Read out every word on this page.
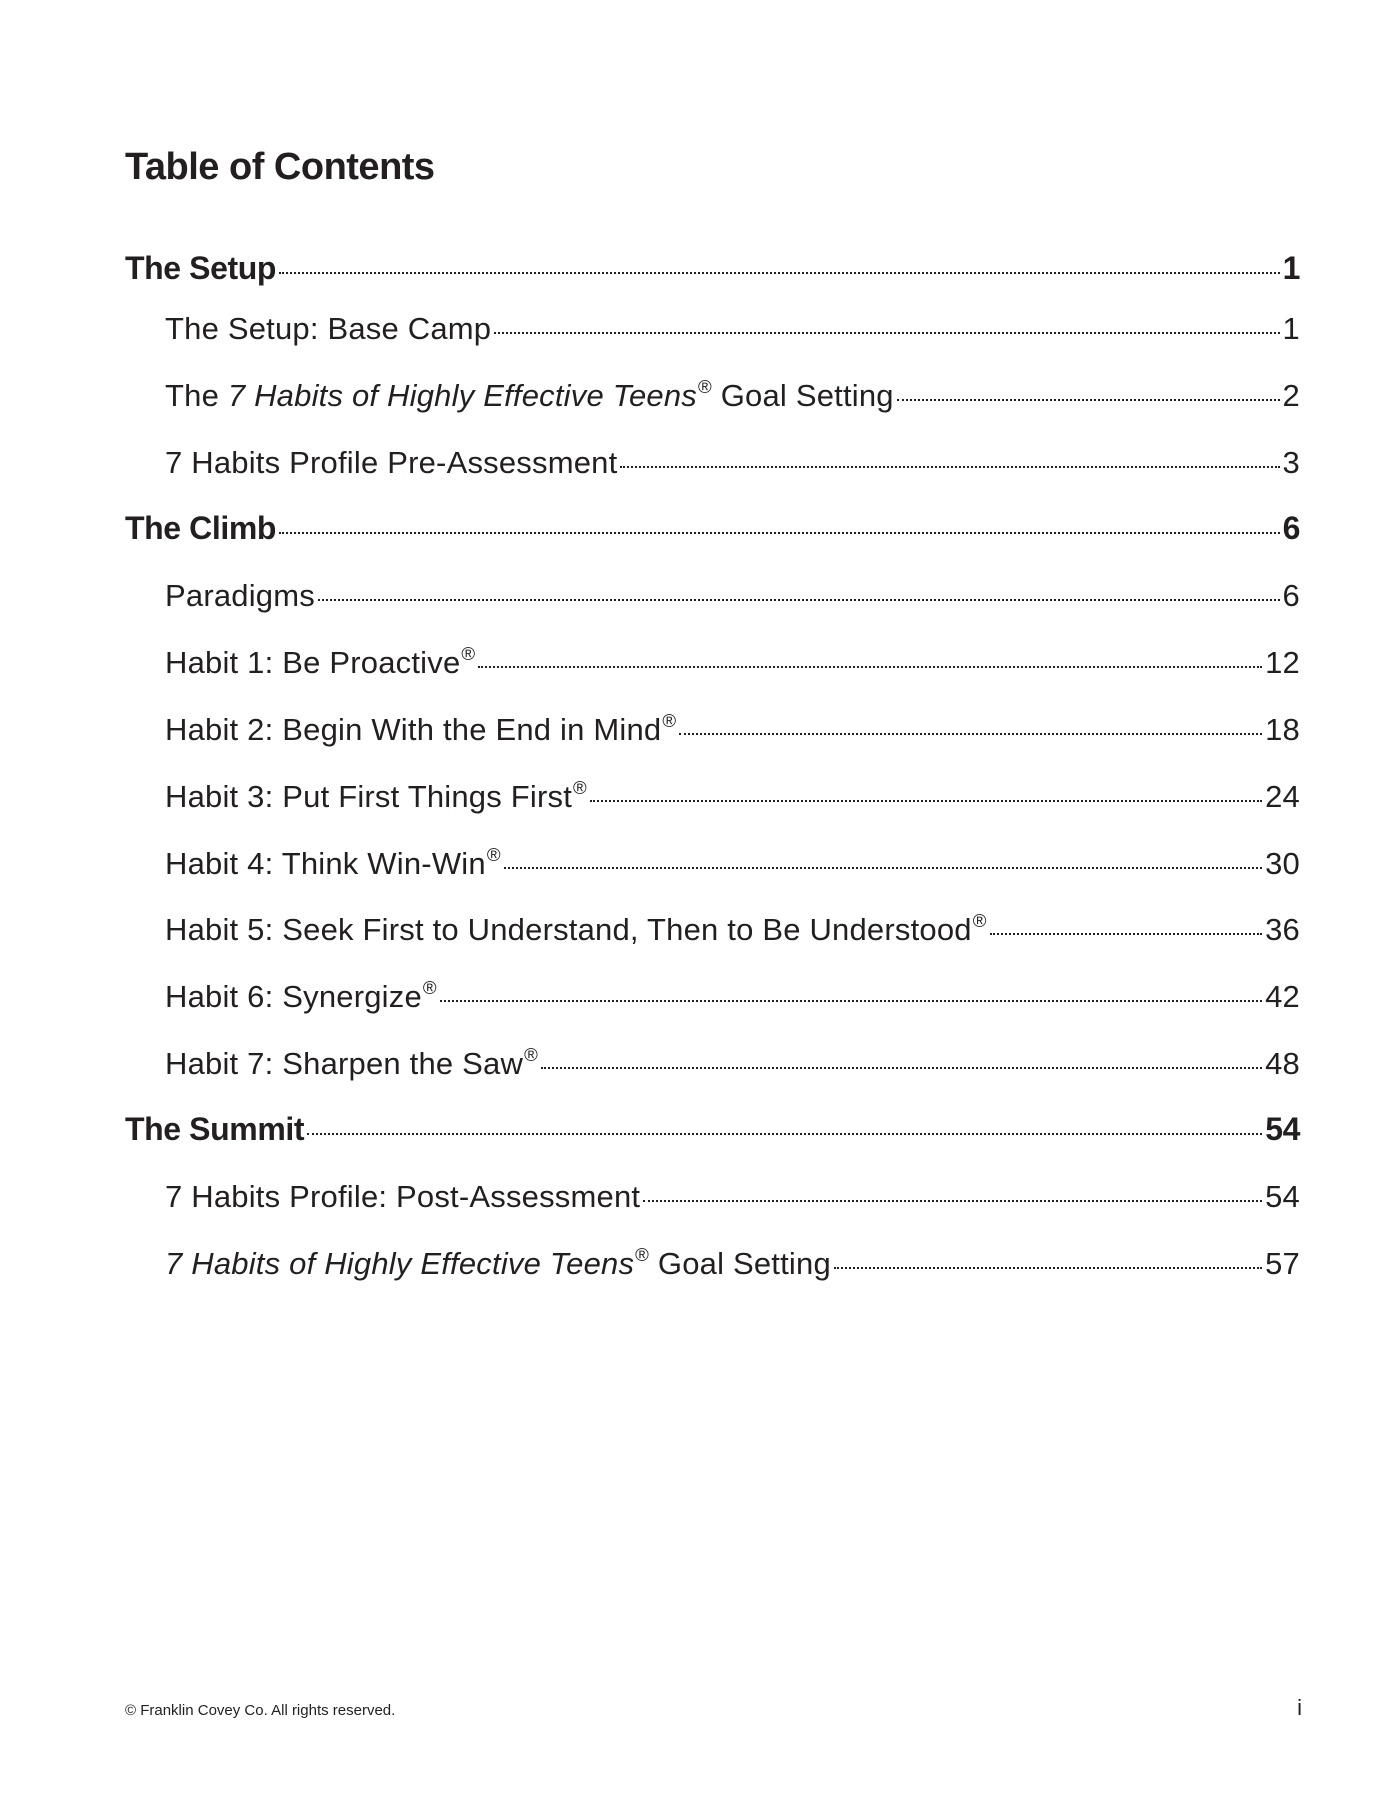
Table of Contents
The Setup	1
The Setup: Base Camp	1
The 7 Habits of Highly Effective Teens® Goal Setting	2
7 Habits Profile Pre-Assessment	3
The Climb	6
Paradigms	6
Habit 1: Be Proactive®	12
Habit 2: Begin With the End in Mind®	18
Habit 3: Put First Things First®	24
Habit 4: Think Win-Win®	30
Habit 5: Seek First to Understand, Then to Be Understood®	36
Habit 6: Synergize®	42
Habit 7: Sharpen the Saw®	48
The Summit	54
7 Habits Profile: Post-Assessment	54
7 Habits of Highly Effective Teens® Goal Setting	57
© Franklin Covey Co. All rights reserved.	i
